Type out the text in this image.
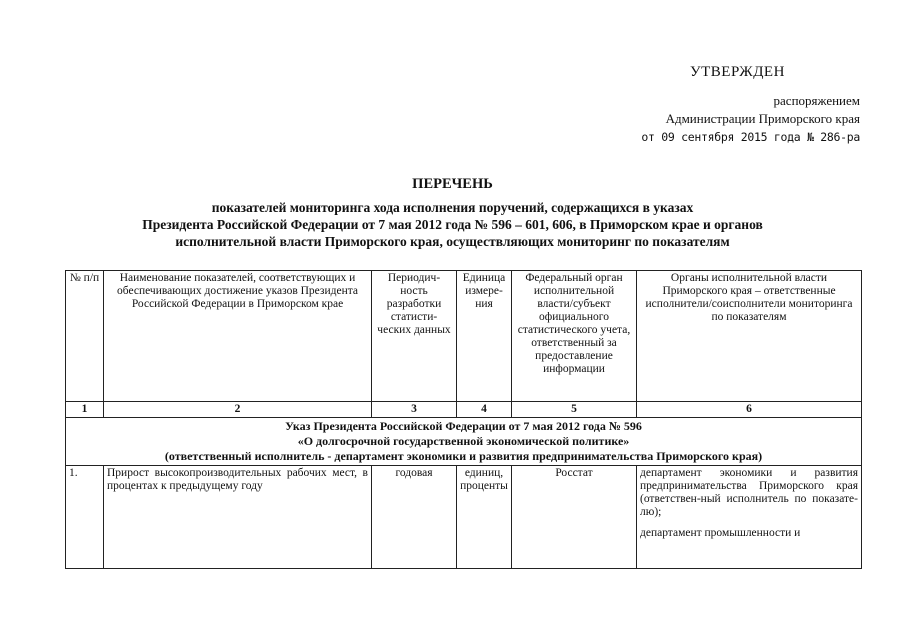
УТВЕРЖДЕН
распоряжением
Администрации Приморского края
от 09 сентября 2015 года № 286-ра
ПЕРЕЧЕНЬ
показателей мониторинга хода исполнения поручений, содержащихся в указах
Президента Российской Федерации от 7 мая 2012 года № 596 – 601, 606, в Приморском крае и органов
исполнительной власти Приморского края, осуществляющих мониторинг по показателям
№ п/п	Наименование показателей, соответствующих и обеспечивающих достижение указов Президента Российской Федерации в Приморском крае	Периодич-ность разработки статисти-ческих данных	Единица измере-ния	Федеральный орган исполнительной власти/субъект официального статистического учета, ответственный за предоставление информации	Органы исполнительной власти Приморского края – ответственные исполнители/соисполнители мониторинга по показателям
1	2	3	4	5	6

Указ Президента Российской Федерации от 7 мая 2012 года № 596
«О долгосрочной государственной экономической политике»
(ответственный исполнитель - департамент экономики и развития предпринимательства Приморского края)					

1.	Прирост высокопроизводительных рабочих мест, в процентах к предыдущему году	годовая	единиц, проценты	Росстат	департамент экономики и развития предпринимательства Приморского края (ответствен-ный исполнитель по показате-лю);
департамент промышленности и
